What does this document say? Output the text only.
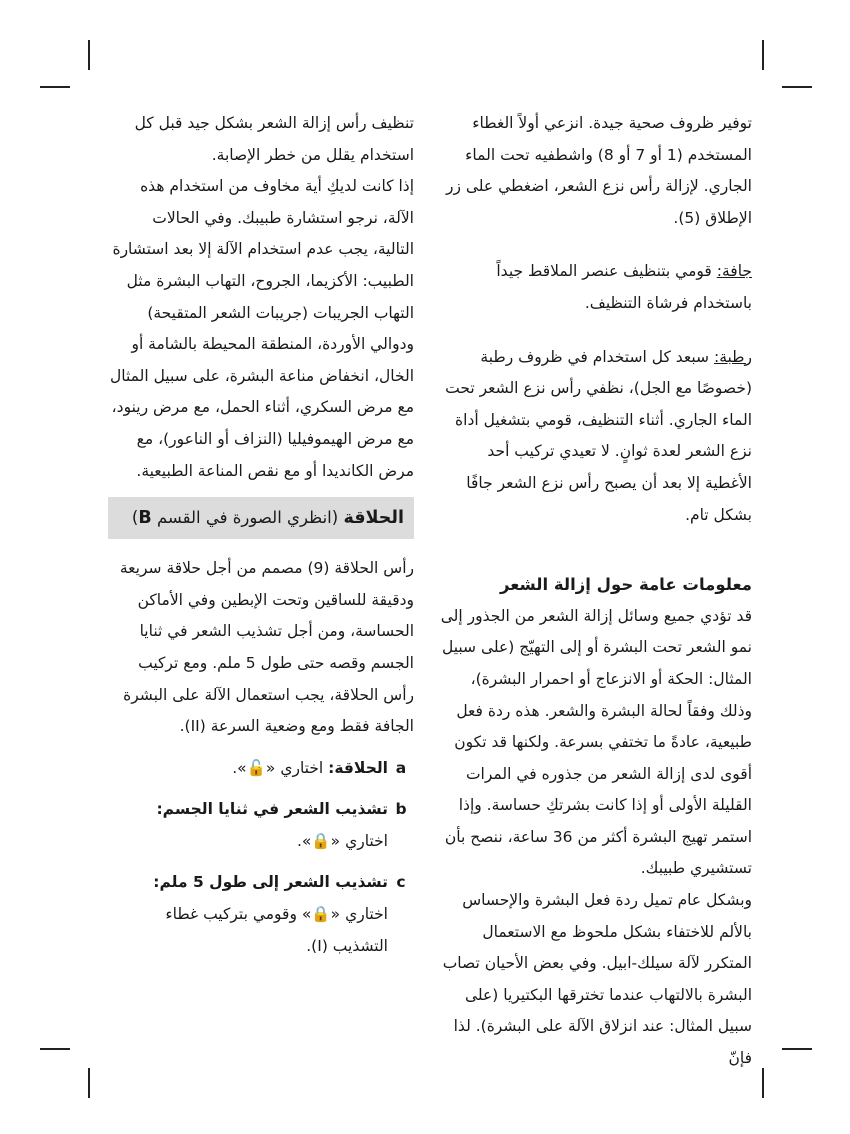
توفير ظروف صحية جيدة. انزعي أولاً الغطاء المستخدم (1 أو 7 أو 8) واشطفيه تحت الماء الجاري. لإزالة رأس نزع الشعر، اضغطي على زر الإطلاق (5).

جافة: قومي بتنظيف عنصر الملاقط جيداً باستخدام فرشاة التنظيف.

رطبة: سبعد كل استخدام في ظروف رطبة (خصوصًا مع الجل)، نظفي رأس نزع الشعر تحت الماء الجاري. أثناء التنظيف، قومي بتشغيل أداة نزع الشعر لعدة ثوانٍ. لا تعيدي تركيب أحد الأغطية إلا بعد أن يصبح رأس نزع الشعر جافًا بشكل تام.

معلومات عامة حول إزالة الشعر

قد تؤدي جميع وسائل إزالة الشعر من الجذور إلى نمو الشعر تحت البشرة أو إلى التهيّج (على سبيل المثال: الحكة أو الانزعاج أو احمرار البشرة)، وذلك وفقاً لحالة البشرة والشعر. هذه ردة فعل طبيعية، عادةً ما تختفي بسرعة. ولكنها قد تكون أقوى لدى إزالة الشعر من جذوره في المرات القليلة الأولى أو إذا كانت بشرتكِ حساسة. وإذا استمر تهيج البشرة أكثر من 36 ساعة، ننصح بأن تستشيري طبيبك.

وبشكل عام تميل ردة فعل البشرة والإحساس بالألم للاختفاء بشكل ملحوظ مع الاستعمال المتكرر لآلة سيلك-ابيل. وفي بعض الأحيان تصاب البشرة بالالتهاب عندما تخترقها البكتيريا (على سبيل المثال: عند انزلاق الآلة على البشرة). لذا فإنّ

تنظيف رأس إزالة الشعر بشكل جيد قبل كل استخدام يقلل من خطر الإصابة.

إذا كانت لديكِ أية مخاوف من استخدام هذه الآلة، نرجو استشارة طبيبك. وفي الحالات التالية، يجب عدم استخدام الآلة إلا بعد استشارة الطبيب: الأكزيما، الجروح، التهاب البشرة مثل التهاب الجريبات (جريبات الشعر المتقيحة) ودوالي الأوردة، المنطقة المحيطة بالشامة أو الخال، انخفاض مناعة البشرة، على سبيل المثال مع مرض السكري، أثناء الحمل، مع مرض رينود، مع مرض الهيموفيليا (النزاف أو الناعور)، مع مرض الكانديدا أو مع نقص المناعة الطبيعية.

الحلاقة (انظري الصورة في القسم B)

رأس الحلاقة (9) مصمم من أجل حلاقة سريعة ودقيقة للساقين وتحت الإبطين وفي الأماكن الحساسة، ومن أجل تشذيب الشعر في ثنايا الجسم وقصه حتى طول 5 ملم. ومع تركيب رأس الحلاقة، يجب استعمال الآلة على البشرة الجافة فقط ومع وضعية السرعة (II).

a
الحلاقة: اختاري «🔓».
b
تشذيب الشعر في ثنايا الجسم:
اختاري «🔒».
c
تشذيب الشعر إلى طول 5 ملم:
اختاري «🔒» وقومي بتركيب غطاء التشذيب (I).
